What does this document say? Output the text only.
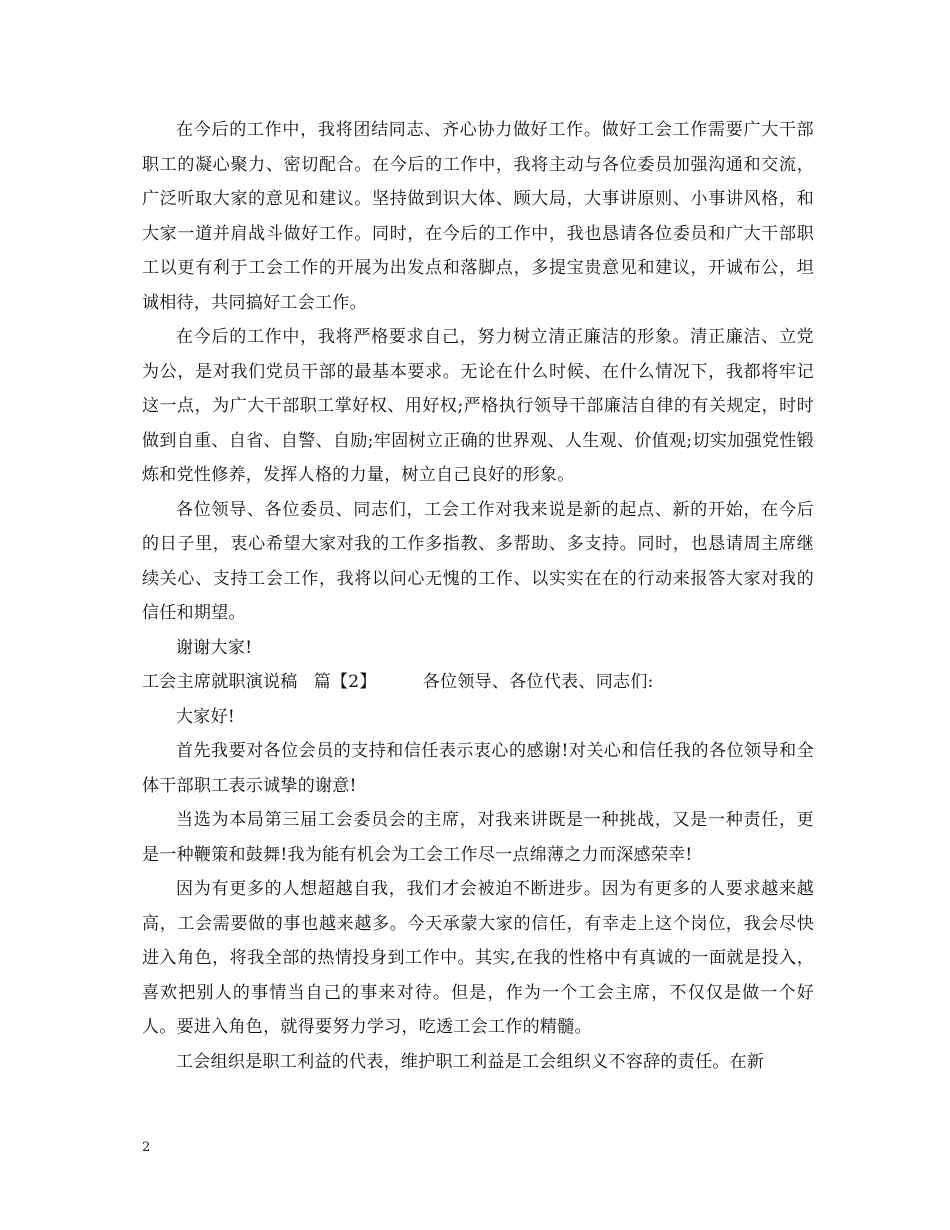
在今后的工作中，我将团结同志、齐心协力做好工作。做好工会工作需要广大干部职工的凝心聚力、密切配合。在今后的工作中，我将主动与各位委员加强沟通和交流，广泛听取大家的意见和建议。坚持做到识大体、顾大局，大事讲原则、小事讲风格，和大家一道并肩战斗做好工作。同时，在今后的工作中，我也恳请各位委员和广大干部职工以更有利于工会工作的开展为出发点和落脚点，多提宝贵意见和建议，开诚布公，坦诚相待，共同搞好工会工作。

在今后的工作中，我将严格要求自己，努力树立清正廉洁的形象。清正廉洁、立党为公，是对我们党员干部的最基本要求。无论在什么时候、在什么情况下，我都将牢记这一点，为广大干部职工掌好权、用好权;严格执行领导干部廉洁自律的有关规定，时时做到自重、自省、自警、自励;牢固树立正确的世界观、人生观、价值观;切实加强党性锻炼和党性修养，发挥人格的力量，树立自己良好的形象。

各位领导、各位委员、同志们，工会工作对我来说是新的起点、新的开始，在今后的日子里，衷心希望大家对我的工作多指教、多帮助、多支持。同时，也恳请周主席继续关心、支持工会工作，我将以问心无愧的工作、以实实在在的行动来报答大家对我的信任和期望。

谢谢大家!

工会主席就职演说稿 篇【2】	各位领导、各位代表、同志们:

大家好!

首先我要对各位会员的支持和信任表示衷心的感谢!对关心和信任我的各位领导和全体干部职工表示诚挚的谢意!

当选为本局第三届工会委员会的主席，对我来讲既是一种挑战，又是一种责任，更是一种鞭策和鼓舞!我为能有机会为工会工作尽一点绵薄之力而深感荣幸!

因为有更多的人想超越自我，我们才会被迫不断进步。因为有更多的人要求越来越高，工会需要做的事也越来越多。今天承蒙大家的信任，有幸走上这个岗位，我会尽快进入角色，将我全部的热情投身到工作中。其实,在我的性格中有真诚的一面就是投入，喜欢把别人的事情当自己的事来对待。但是，作为一个工会主席，不仅仅是做一个好人。要进入角色，就得要努力学习，吃透工会工作的精髓。

工会组织是职工利益的代表，维护职工利益是工会组织义不容辞的责任。在新

2
